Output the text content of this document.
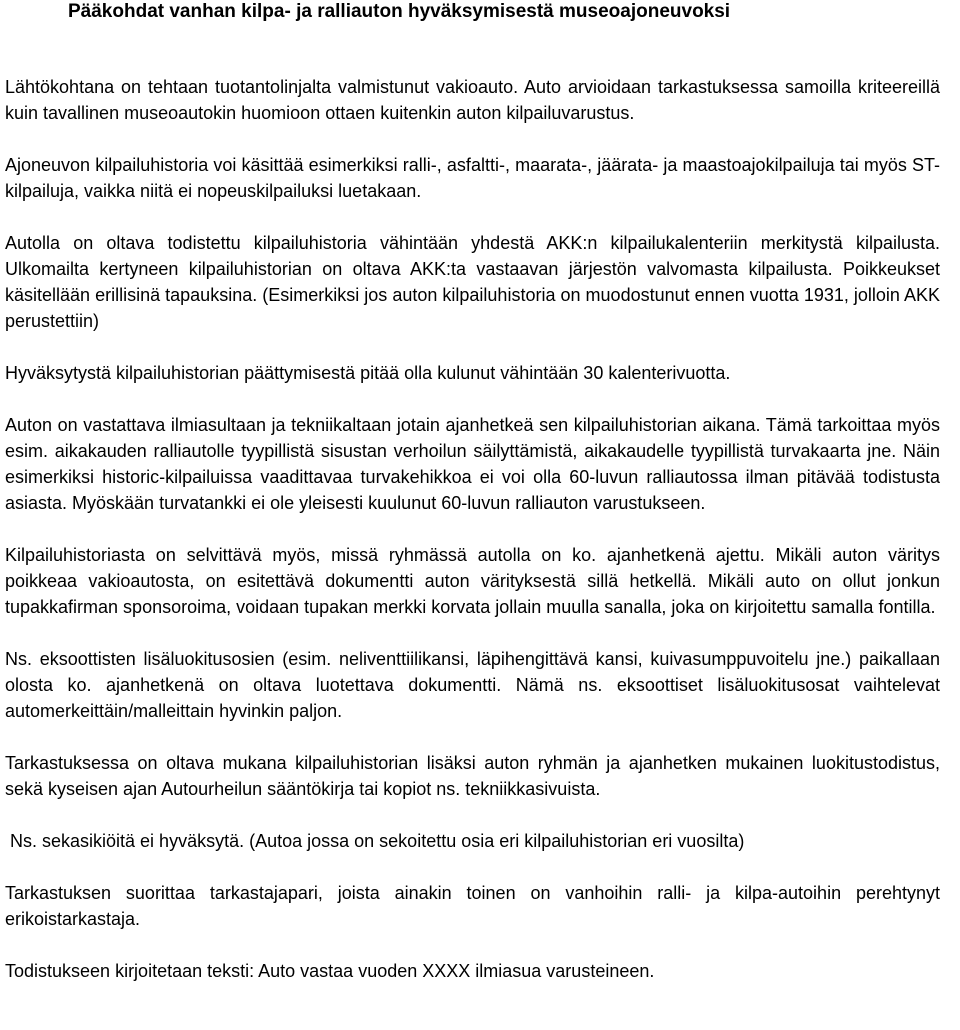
Pääkohdat vanhan kilpa- ja ralliauton hyväksymisestä museoajoneuvoksi

Lähtökohtana on tehtaan tuotantolinjalta valmistunut vakioauto. Auto arvioidaan tarkastuksessa samoilla kriteereillä kuin tavallinen museoautokin huomioon ottaen kuitenkin auton kilpailuvarustus.

Ajoneuvon kilpailuhistoria voi käsittää esimerkiksi ralli-, asfaltti-, maarata-, jäärata- ja maastoajokilpailuja tai myös ST-kilpailuja, vaikka niitä ei nopeuskilpailuksi luetakaan.

Autolla on oltava todistettu kilpailuhistoria vähintään yhdestä AKK:n kilpailukalenteriin merkitystä kilpailusta. Ulkomailta kertyneen kilpailuhistorian on oltava AKK:ta vastaavan järjestön valvomasta kilpailusta. Poikkeukset käsitellään erillisinä tapauksina. (Esimerkiksi jos auton kilpailuhistoria on muodostunut ennen vuotta 1931, jolloin AKK perustettiin)

Hyväksytystä kilpailuhistorian päättymisestä pitää olla kulunut vähintään 30 kalenterivuotta.

Auton on vastattava ilmiasultaan ja tekniikaltaan jotain ajanhetkeä sen kilpailuhistorian aikana. Tämä tarkoittaa myös esim. aikakauden ralliautolle tyypillistä sisustan verhoilun säilyttämistä, aikakaudelle tyypillistä turvakaarta jne. Näin esimerkiksi historic-kilpailuissa vaadittavaa turvakehikkoa ei voi olla 60-luvun ralliautossa ilman pitävää todistusta asiasta. Myöskään turvatankki ei ole yleisesti kuulunut 60-luvun ralliauton varustukseen.

Kilpailuhistoriasta on selvittävä myös, missä ryhmässä autolla on ko. ajanhetkenä ajettu. Mikäli auton väritys poikkeaa vakioautosta, on esitettävä dokumentti auton värityksestä sillä hetkellä. Mikäli auto on ollut jonkun tupakkafirman sponsoroima, voidaan tupakan merkki korvata jollain muulla sanalla, joka on kirjoitettu samalla fontilla.

Ns. eksoottisten lisäluokitusosien (esim. neliventtiilikansi, läpihengittävä kansi, kuivasumppuvoitelu jne.) paikallaan olosta ko. ajanhetkenä on oltava luotettava dokumentti. Nämä ns. eksoottiset lisäluokitusosat vaihtelevat automerkeittäin/malleittain hyvinkin paljon.

Tarkastuksessa on oltava mukana kilpailuhistorian lisäksi auton ryhmän ja ajanhetken mukainen luokitustodistus, sekä kyseisen ajan Autourheilun sääntökirja tai kopiot ns. tekniikkasivuista.

Ns. sekasikiöitä ei hyväksytä. (Autoa jossa on sekoitettu osia eri kilpailuhistorian eri vuosilta)

Tarkastuksen suorittaa tarkastajapari, joista ainakin toinen on vanhoihin ralli- ja kilpa-autoihin perehtynyt erikoistarkastaja.

Todistukseen kirjoitetaan teksti: Auto vastaa vuoden XXXX ilmiasua varusteineen.
